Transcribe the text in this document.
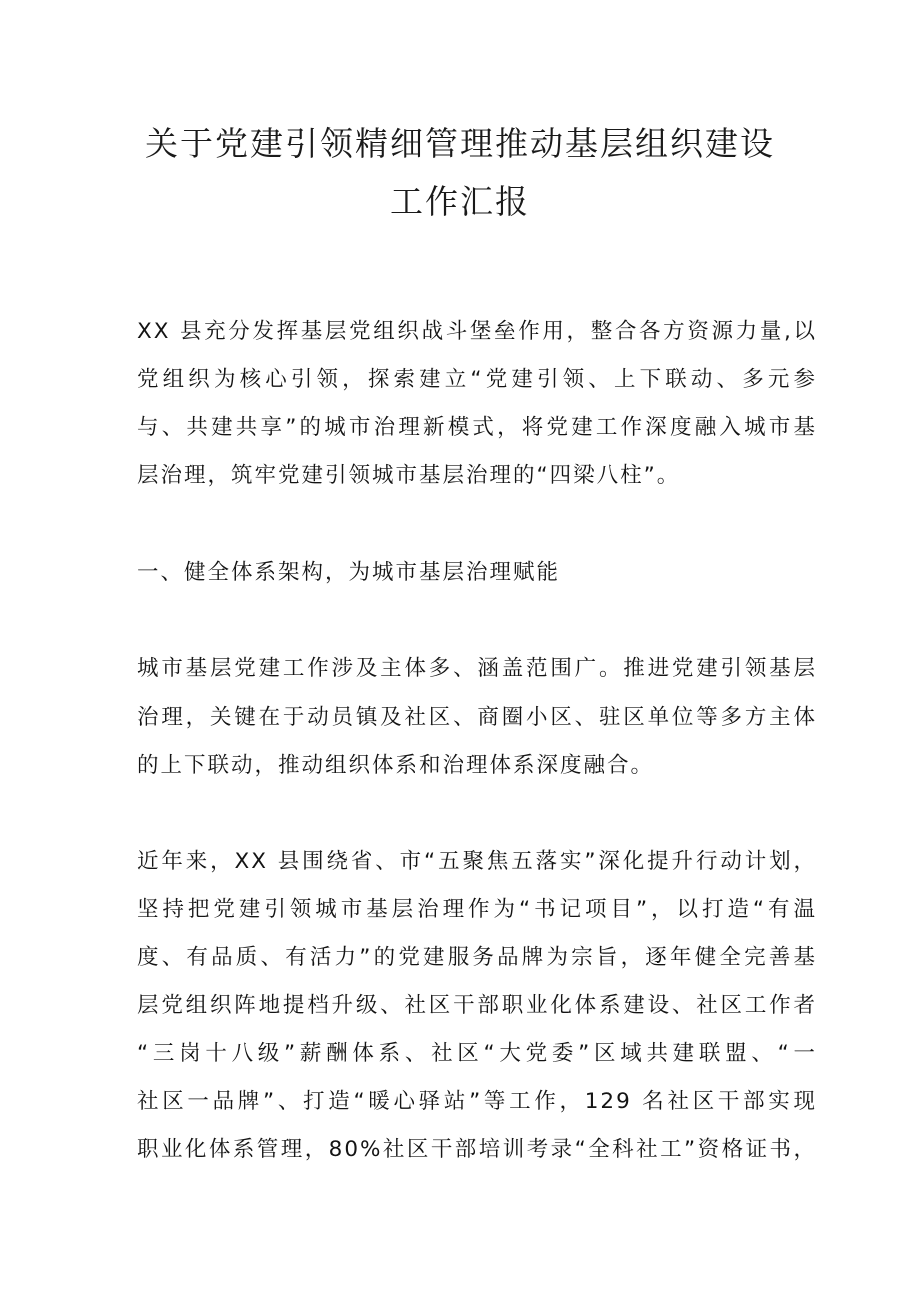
关于党建引领精细管理推动基层组织建设
工作汇报
XX 县充分发挥基层党组织战斗堡垒作用，整合各方资源力量,以
党组织为核心引领，探索建立“党建引领、上下联动、多元参
与、共建共享”的城市治理新模式，将党建工作深度融入城市基
层治理，筑牢党建引领城市基层治理的“四梁八柱”。
一、健全体系架构，为城市基层治理赋能
城市基层党建工作涉及主体多、涵盖范围广。推进党建引领基层
治理，关键在于动员镇及社区、商圈小区、驻区单位等多方主体
的上下联动，推动组织体系和治理体系深度融合。
近年来，XX 县围绕省、市“五聚焦五落实”深化提升行动计划，
坚持把党建引领城市基层治理作为“书记项目”，以打造“有温
度、有品质、有活力”的党建服务品牌为宗旨，逐年健全完善基
层党组织阵地提档升级、社区干部职业化体系建设、社区工作者
“三岗十八级”薪酬体系、社区“大党委”区域共建联盟、“一
社区一品牌”、打造“暖心驿站”等工作，129 名社区干部实现
职业化体系管理，80%社区干部培训考录“全科社工”资格证书，
